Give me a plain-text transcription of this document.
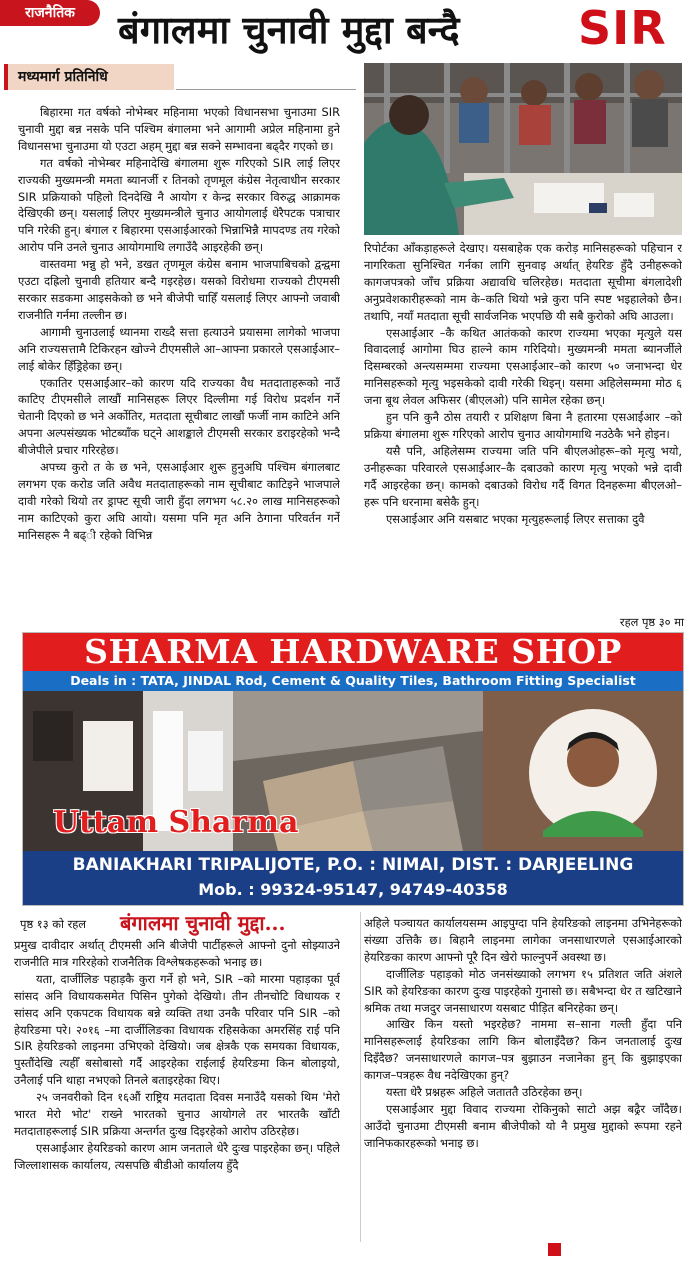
राजनैतिक	बंगालमा चुनावी मुद्दा बन्दै	SIR
मध्यमार्ग प्रतिनिधि

बिहारमा गत वर्षको नोभेम्बर महिनामा भएको विधानसभा चुनाउमा SIR चुनावी मुद्दा बन्न नसके पनि पश्चिम बंगालमा भने आगामी अप्रेल महिनामा हुने विधानसभा चुनाउमा यो एउटा अहम् मुद्दा बन्न सक्ने सम्भावना बढ्दैर गएको छ।

गत वर्षको नोभेम्बर महिनादेखि बंगालमा शुरू गरिएको SIR लाई लिएर राज्यकी मुख्यमन्त्री ममता ब्यानर्जी र तिनको तृणमूल कंग्रेस नेतृत्वाधीन सरकार SIR प्रक्रियाको पहिलो दिनदेखि नै आयोग र केन्द्र सरकार विरुद्ध आक्रामक देखिएकी छन्। यसलाई लिएर मुख्यमन्त्रीले चुनाउ आयोगलाई धेरैपटक पत्राचार पनि गरेकी हुन्। बंगाल र बिहारमा एसआईआरको भिन्नाभिन्नै मापदण्ड तय गरेको आरोप पनि उनले चुनाउ आयोगमाथि लगाउँदै आइरहेकी छन्।

वास्तवमा भन्नु हो भने, डखत तृणमूल कंग्रेस बनाम भाजपाबिचको द्वन्द्वमा एउटा दह्रिलो चुनावी हतियार बन्दै गइरहेछ। यसको विरोधमा राज्यको टीएमसी सरकार सडकमा आइसकेको छ भने बीजेपी चाहिँ यसलाई लिएर आफ्नो जवाबी राजनीति गर्नमा तल्लीन छ।

आगामी चुनाउलाई ध्यानमा राख्दै सत्ता हत्याउने प्रयासमा लागेको भाजपा अनि राज्यसत्तामै टिकिरहन खोज्ने टीएमसीले आ–आफ्ना प्रकारले एसआईआर–लाई बोकेर हिँड्रिहेका छन्।

एकातिर एसआईआर–को कारण यदि राज्यका वैध मतदाताहरूको नाउँ काटिए टीएमसीले लाखौं मानिसहरू लिएर दिल्लीमा गई विरोध प्रदर्शन गर्ने चेतानी दिएको छ भने अर्कोतिर, मतदाता सूचीबाट लाखौं फर्जी नाम काटिने अनि अपना अल्पसंख्यक भोटब्याँक घट्ने आशङ्काले टीएमसी सरकार डराइरहेको भन्दै बीजेपीले प्रचार गरिरहेछ।

अपच्य कुरो त के छ भने, एसआईआर शुरू हुनुअघि पश्चिम बंगालबाट लगभग एक करोड जति अवैध मतदाताहरूको नाम सूचीबाट काटिइने भाजपाले दावी गरेको थियो तर ड्राफ्ट सूची जारी हुँदा लगभग ५८.२० लाख मानिसहरूको नाम काटिएको कुरा अघि आयो। यसमा पनि मृत अनि ठेगाना परिवर्तन गर्ने मानिसहरू नै बढ्ी रहेको विभिन्न

रिपोर्टका आँकड़ाहरूले देखाए। यसबाहेक एक करोड़ मानिसहरूको पहिचान र नागरिकता सुनिश्चित गर्नका लागि सुनवाइ अर्थात् हेयरिङ हुँदै उनीहरूको कागजपत्रको जाँच प्रक्रिया अद्यावधि चलिरहेछ। मतदाता सूचीमा बंगलादेशी अनुप्रवेशकारीहरूको नाम के–कति थियो भन्ने कुरा पनि स्पष्ट भइहालेको छैन। तथापि, नयाँ मतदाता सूची सार्वजनिक भएपछि यी सबै कुरोको अघि आउला।

एसआईआर –कै कथित आतंकको कारण राज्यमा भएका मृत्युले यस विवादलाई आगोमा घिउ हाल्ने काम गरिदियो। मुख्यमन्त्री ममता ब्यानर्जीले दिसम्बरको अन्त्यसम्ममा राज्यमा एसआईआर–को कारण ५० जनाभन्दा धेर मानिसहरूको मृत्यु भइसकेको दावी गरेकी थिइन्। यसमा अहिलेसम्ममा मोठ ६ जना बूथ लेवल अफिसर (बीएलओ) पनि सामेल रहेका छन्।

हुन पनि कुनै ठोस तयारी र प्रशिक्षण बिना नै हतारमा एसआईआर –को प्रक्रिया बंगालमा शुरू गरिएको आरोप चुनाउ आयोगमाथि नउठेकै भने होइन।

यसै पनि, अहिलेसम्म राज्यमा जति पनि बीएलओहरू–को मृत्यु भयो, उनीहरूका परिवारले एसआईआर–कै दबाउको कारण मृत्यु भएको भन्ने दावी गर्दै आइरहेका छन्। कामको दबाउको विरोध गर्दै विगत दिनहरूमा बीएलओ–हरू पनि धरनामा बसेकै हुन्।

एसआईआर अनि यसबाट भएका मृत्युहरूलाई लिएर सत्ताका दुवै

रहल पृष्ठ ३० मा
SHARMA HARDWARE SHOP
Deals in : TATA, JINDAL Rod, Cement & Quality Tiles, Bathroom Fitting Specialist
Uttam Sharma
BANIAKHARI TRIPALIJOTE, P.O. : NIMAI, DIST. : DARJEELING
Mob. : 99324-95147, 94749-40358
पृष्ठ १३ को रहल	बंगालमा चुनावी मुद्दा...

प्रमुख दावीदार अर्थात् टीएमसी अनि बीजेपी पार्टीहरूले आफ्नो दुनो सोझ्याउने राजनीति मात्र गरिरहेको राजनैतिक विश्लेषकहरूको भनाइ छ।

यता, दार्जीलिङ पहाड़कै कुरा गर्ने हो भने, SIR –को मारमा पहाड़का पूर्व सांसद अनि विधायकसमेत पिसिन पुगेको देखियो। तीन तीनचोटि विधायक र सांसद अनि एकपटक विधायक बन्ने व्यक्ति तथा उनकै परिवार पनि SIR –को हेयरिङमा परे। २०१६ –मा दार्जीलिङका विधायक रहिसकेका अमरसिंह राई पनि SIR हेयरिङको लाइनमा उभिएको देखियो। जब क्षेत्रकै एक समयका विधायक, पुस्तौंदेखि त्यहीँ बसोबासो गर्दै आइरहेका राईलाई हेयरिङमा किन बोलाइयो, उनैलाई पनि थाहा नभएको तिनले बताइरहेका थिए।

२५ जनवरीको दिन १६औं राष्ट्रिय मतदाता दिवस मनाउँदै यसको थिम 'मेरो भारत मेरो भोट' राख्ने भारतको चुनाउ आयोगले तर भारतकै खाँटी मतदाताहरूलाई SIR प्रक्रिया अन्तर्गत दुःख दिइरहेको आरोप उठिरहेछ।

एसआईआर हेयरिङको कारण आम जनताले धेरै दुःख पाइरहेका छन्। पहिले जिल्लाशासक कार्यालय, त्यसपछि बीडीओ कार्यालय हुँदै

अहिले पञ्चायत कार्यालयसम्म आइपुग्दा पनि हेयरिङको लाइनमा उभिनेहरूको संख्या उत्तिकै छ। बिहानै लाइनमा लागेका जनसाधारणले एसआईआरको हेयरिङका कारण आफ्नो पूरै दिन खेरो फाल्नुपर्ने अवस्था छ।

दार्जीलिङ पहाड़को मोठ जनसंख्याको लगभग १५ प्रतिशत जति अंशले SIR को हेयरिङका कारण दुःख पाइरहेको गुनासो छ। सबैभन्दा धेर त खटिखाने श्रमिक तथा मजदुर जनसाधारण यसबाट पीड़ित बनिरहेका छन्।

आखिर किन यस्तो भइरहेछ? नाममा स–साना गल्ती हुँदा पनि मानिसहरूलाई हेयरिङका लागि किन बोलाइँदैछ? किन जनतालाई दुःख दिइँदैछ? जनसाधारणले कागज–पत्र बुझाउन नजानेका हुन् कि बुझाइएका कागज–पत्रहरू वैध नदेखिएका हुन्?

यस्ता धेरै प्रश्नहरू अहिले जताततै उठिरहेका छन्।

एसआईआर मुद्दा विवाद राज्यमा रोकिनुको साटो अझ बढ्रैर जाँदैछ। आउँदो चुनाउमा टीएमसी बनाम बीजेपीको यो नै प्रमुख मुद्दाको रूपमा रहने जानिफकारहरूको भनाइ छ।
